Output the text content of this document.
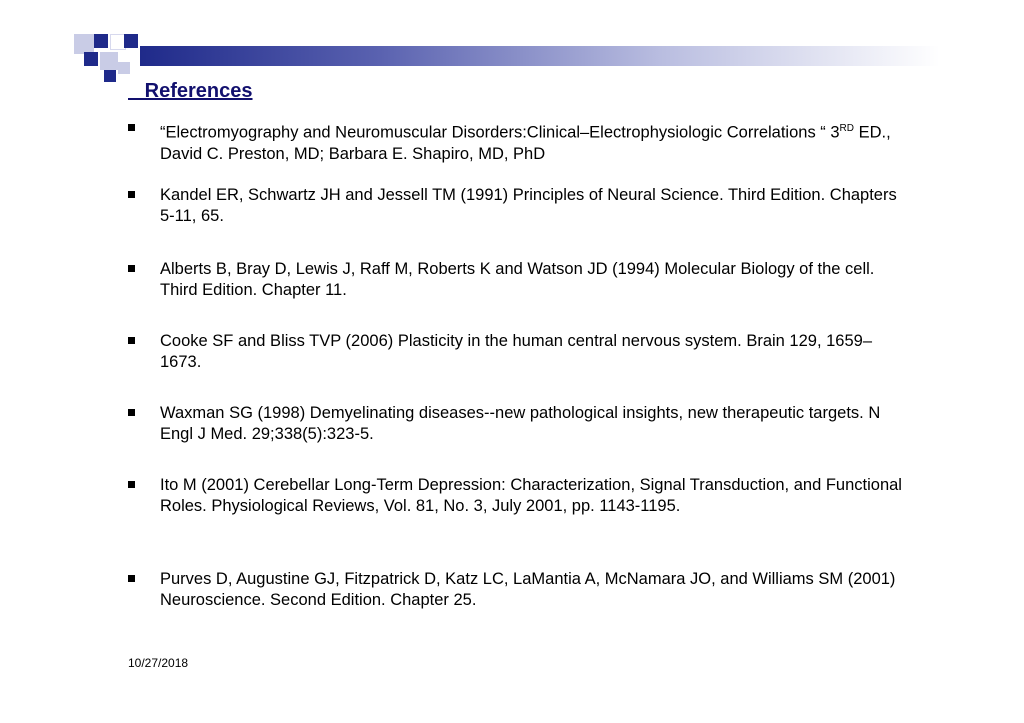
References
“Electromyography and Neuromuscular Disorders:Clinical–Electrophysiologic Correlations “ 3RD ED., David C. Preston, MD; Barbara E. Shapiro, MD, PhD
Kandel ER, Schwartz JH and Jessell TM (1991) Principles of Neural Science. Third Edition. Chapters 5-11, 65.
Alberts B, Bray D, Lewis J, Raff M, Roberts K and Watson JD (1994) Molecular Biology of the cell. Third Edition. Chapter 11.
Cooke SF and Bliss TVP (2006) Plasticity in the human central nervous system. Brain 129, 1659–1673.
Waxman SG (1998) Demyelinating diseases--new pathological insights, new therapeutic targets. N Engl J Med. 29;338(5):323-5.
Ito M (2001) Cerebellar Long-Term Depression: Characterization, Signal Transduction, and Functional Roles. Physiological Reviews, Vol. 81, No. 3, July 2001, pp. 1143-1195.
Purves D, Augustine GJ, Fitzpatrick D, Katz LC, LaMantia A, McNamara JO, and Williams SM (2001) Neuroscience. Second Edition. Chapter 25.
10/27/2018
